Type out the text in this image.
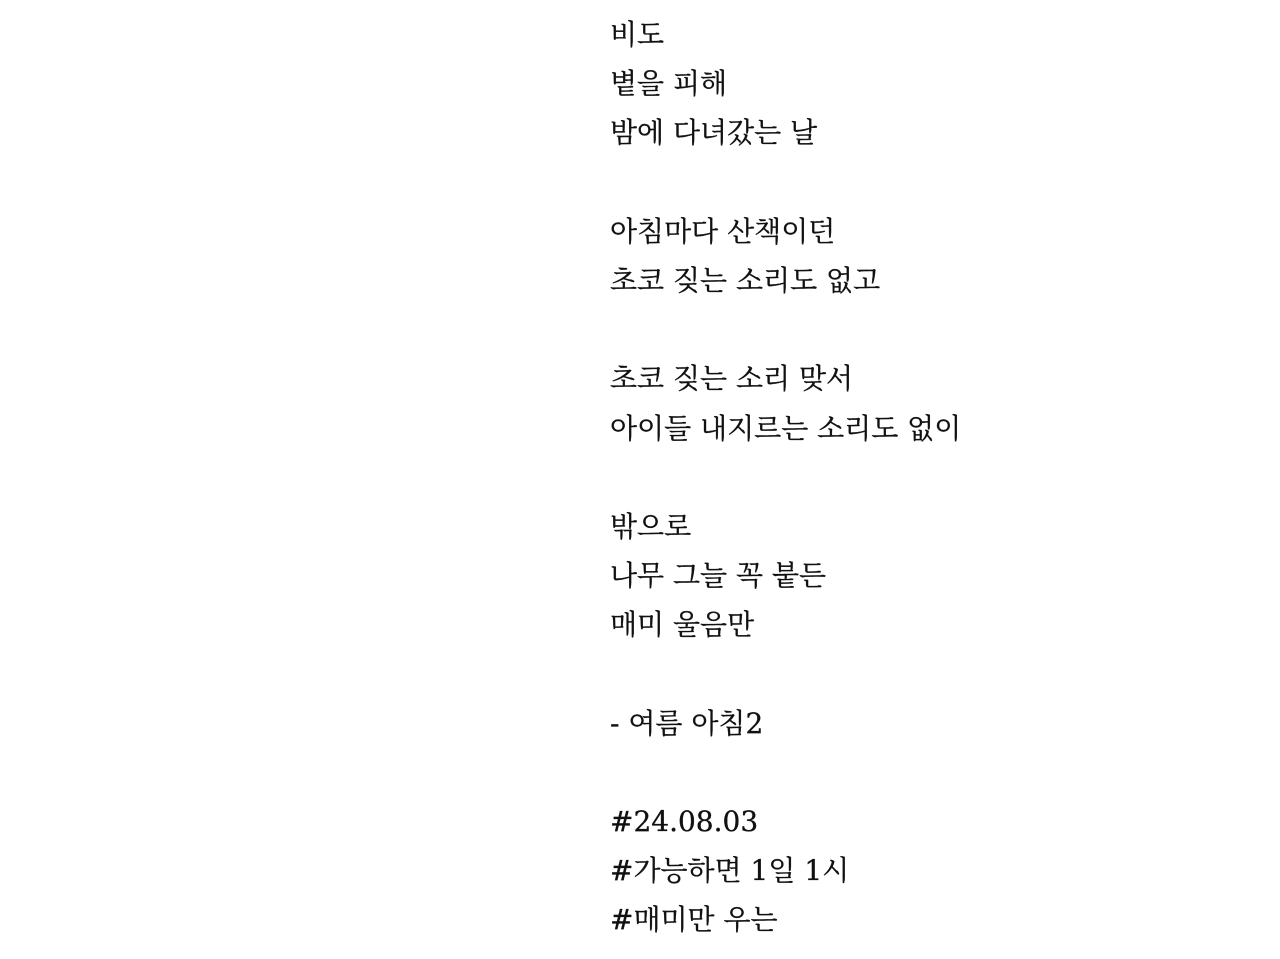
비도
볕을 피해
밤에 다녀갔는 날
아침마다 산책이던
초코 짖는 소리도 없고
초코 짖는 소리 맞서
아이들 내지르는 소리도 없이
밖으로
나무 그늘 꼭 붙든
매미 울음만
- 여름 아침2
#24.08.03
#가능하면 1일 1시
#매미만 우는
